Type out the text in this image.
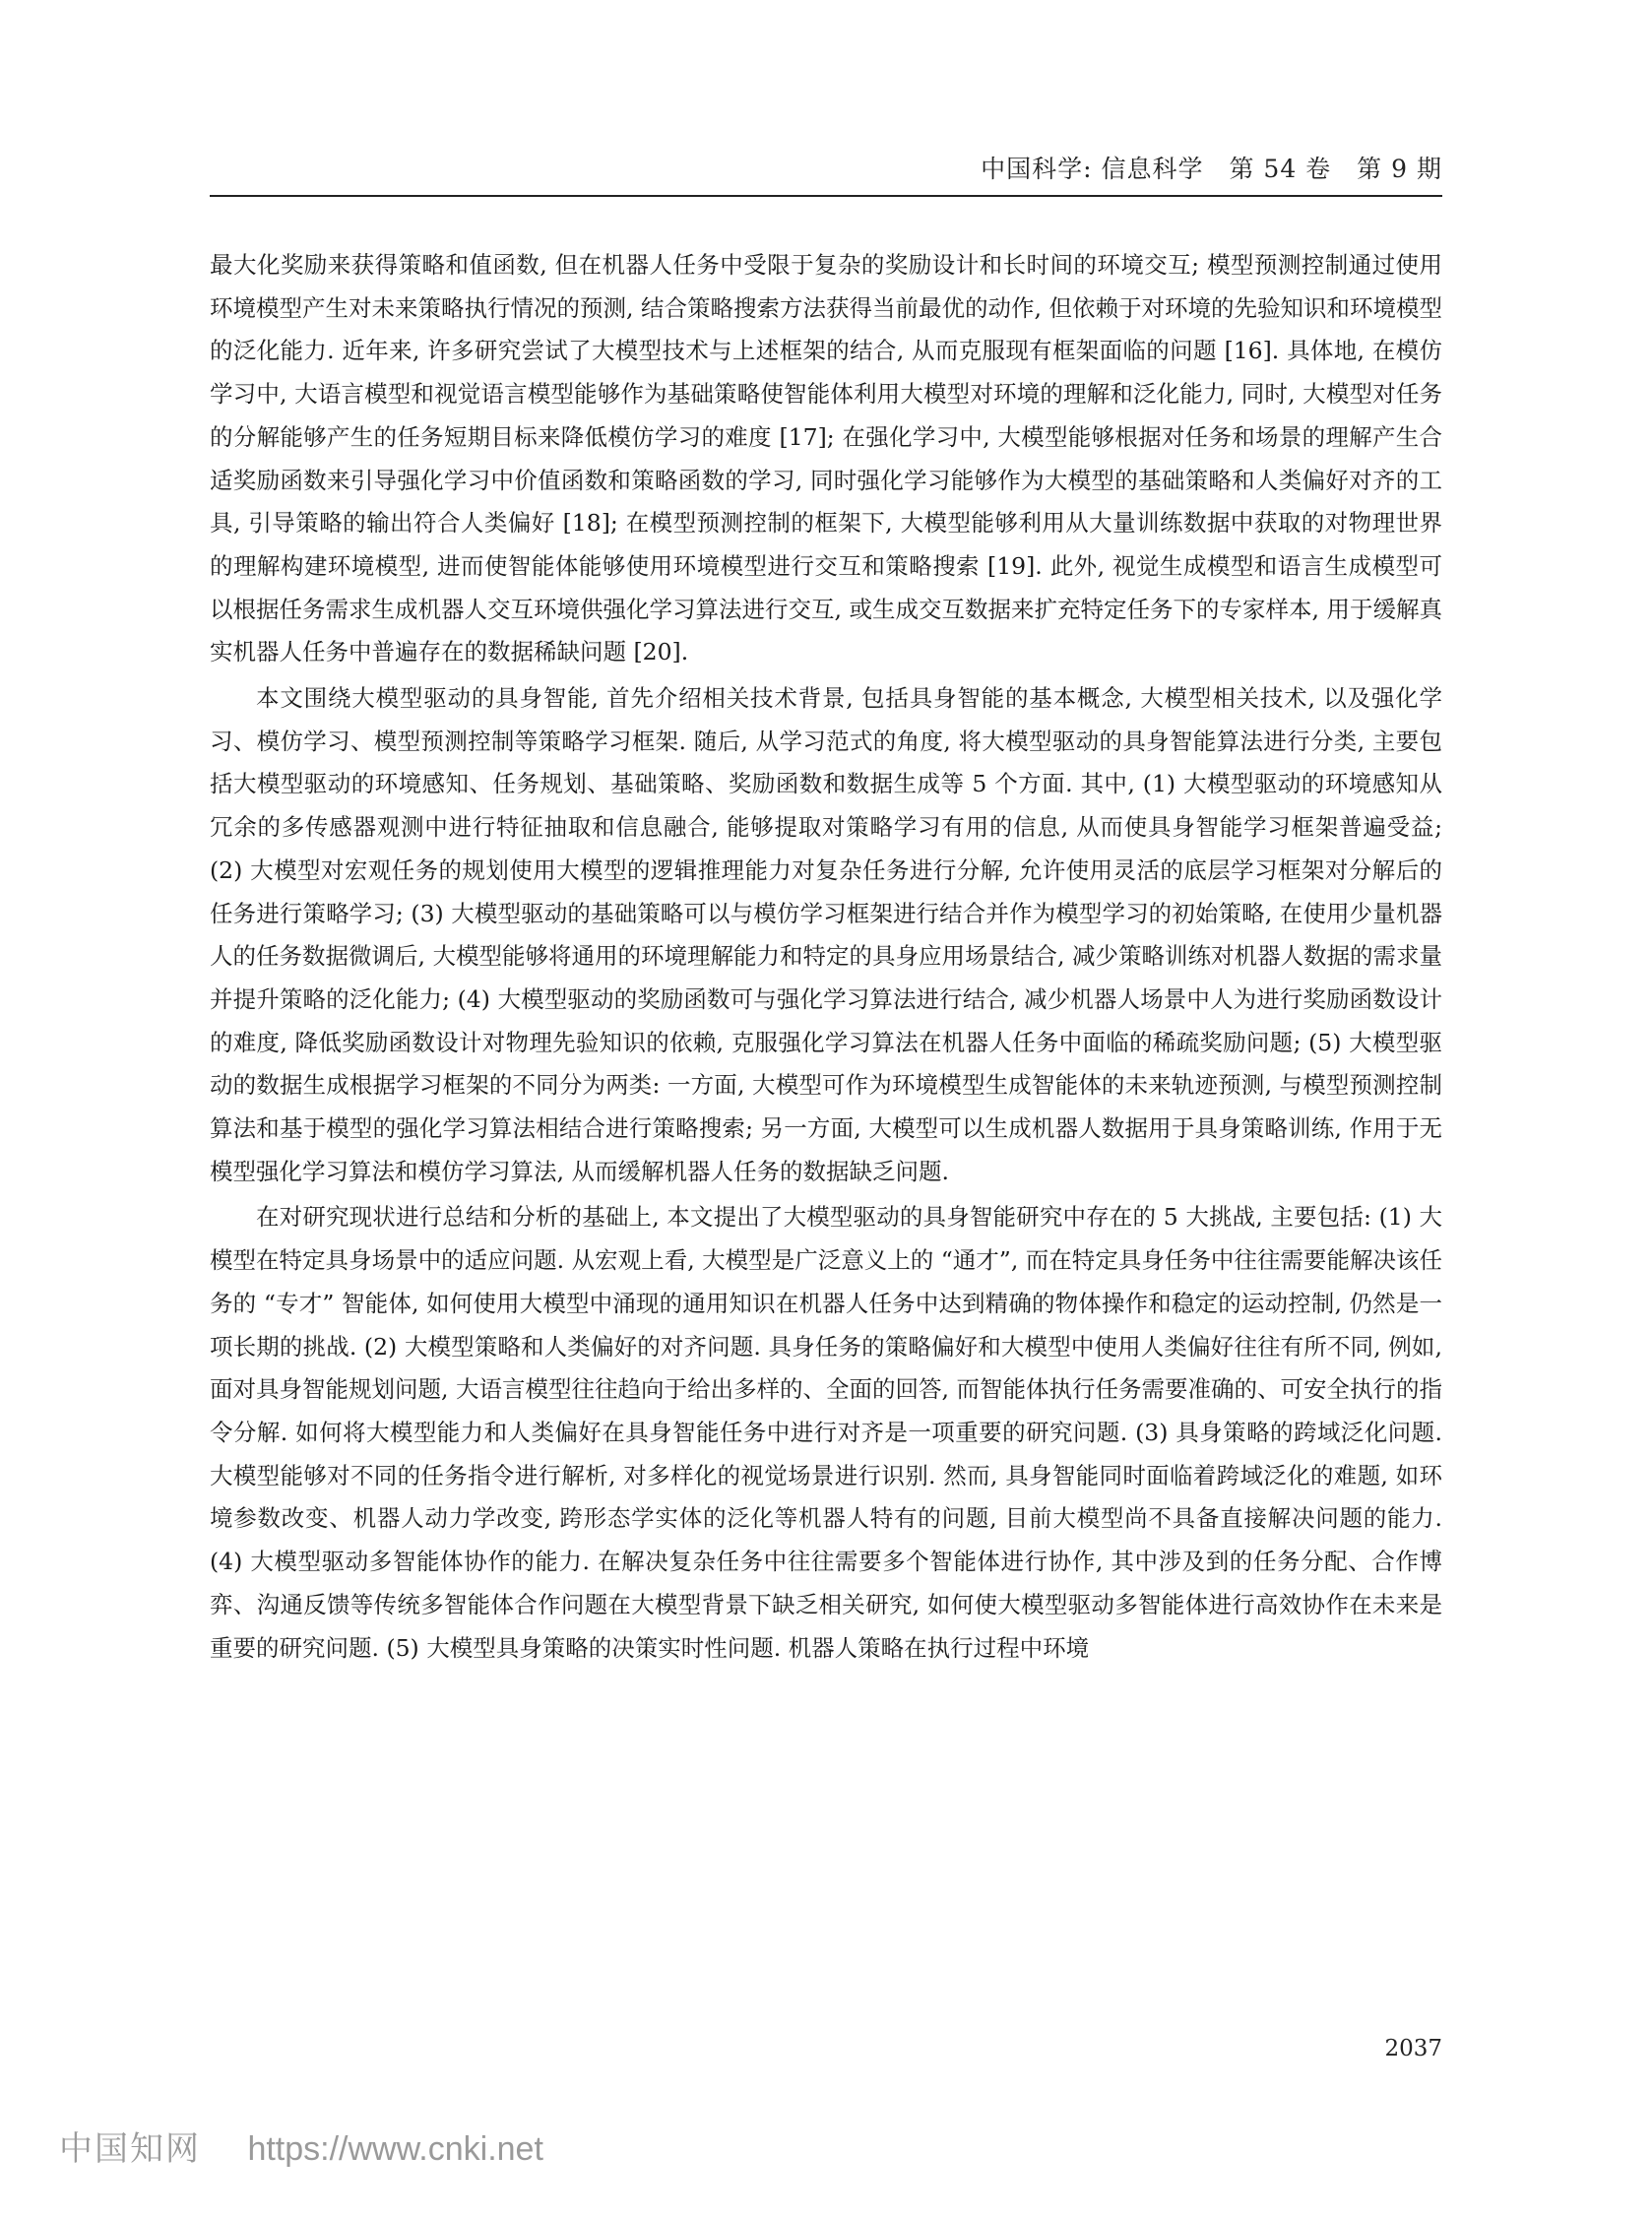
中国科学: 信息科学　第 54 卷　第 9 期

最大化奖励来获得策略和值函数, 但在机器人任务中受限于复杂的奖励设计和长时间的环境交互; 模型预测控制通过使用环境模型产生对未来策略执行情况的预测, 结合策略搜索方法获得当前最优的动作, 但依赖于对环境的先验知识和环境模型的泛化能力. 近年来, 许多研究尝试了大模型技术与上述框架的结合, 从而克服现有框架面临的问题 [16]. 具体地, 在模仿学习中, 大语言模型和视觉语言模型能够作为基础策略使智能体利用大模型对环境的理解和泛化能力, 同时, 大模型对任务的分解能够产生的任务短期目标来降低模仿学习的难度 [17]; 在强化学习中, 大模型能够根据对任务和场景的理解产生合适奖励函数来引导强化学习中价值函数和策略函数的学习, 同时强化学习能够作为大模型的基础策略和人类偏好对齐的工具, 引导策略的输出符合人类偏好 [18]; 在模型预测控制的框架下, 大模型能够利用从大量训练数据中获取的对物理世界的理解构建环境模型, 进而使智能体能够使用环境模型进行交互和策略搜索 [19]. 此外, 视觉生成模型和语言生成模型可以根据任务需求生成机器人交互环境供强化学习算法进行交互, 或生成交互数据来扩充特定任务下的专家样本, 用于缓解真实机器人任务中普遍存在的数据稀缺问题 [20].

本文围绕大模型驱动的具身智能, 首先介绍相关技术背景, 包括具身智能的基本概念, 大模型相关技术, 以及强化学习、模仿学习、模型预测控制等策略学习框架. 随后, 从学习范式的角度, 将大模型驱动的具身智能算法进行分类, 主要包括大模型驱动的环境感知、任务规划、基础策略、奖励函数和数据生成等 5 个方面. 其中, (1) 大模型驱动的环境感知从冗余的多传感器观测中进行特征抽取和信息融合, 能够提取对策略学习有用的信息, 从而使具身智能学习框架普遍受益; (2) 大模型对宏观任务的规划使用大模型的逻辑推理能力对复杂任务进行分解, 允许使用灵活的底层学习框架对分解后的任务进行策略学习; (3) 大模型驱动的基础策略可以与模仿学习框架进行结合并作为模型学习的初始策略, 在使用少量机器人的任务数据微调后, 大模型能够将通用的环境理解能力和特定的具身应用场景结合, 减少策略训练对机器人数据的需求量并提升策略的泛化能力; (4) 大模型驱动的奖励函数可与强化学习算法进行结合, 减少机器人场景中人为进行奖励函数设计的难度, 降低奖励函数设计对物理先验知识的依赖, 克服强化学习算法在机器人任务中面临的稀疏奖励问题; (5) 大模型驱动的数据生成根据学习框架的不同分为两类: 一方面, 大模型可作为环境模型生成智能体的未来轨迹预测, 与模型预测控制算法和基于模型的强化学习算法相结合进行策略搜索; 另一方面, 大模型可以生成机器人数据用于具身策略训练, 作用于无模型强化学习算法和模仿学习算法, 从而缓解机器人任务的数据缺乏问题.

在对研究现状进行总结和分析的基础上, 本文提出了大模型驱动的具身智能研究中存在的 5 大挑战, 主要包括: (1) 大模型在特定具身场景中的适应问题. 从宏观上看, 大模型是广泛意义上的 “通才”, 而在特定具身任务中往往需要能解决该任务的 “专才” 智能体, 如何使用大模型中涌现的通用知识在机器人任务中达到精确的物体操作和稳定的运动控制, 仍然是一项长期的挑战. (2) 大模型策略和人类偏好的对齐问题. 具身任务的策略偏好和大模型中使用人类偏好往往有所不同, 例如, 面对具身智能规划问题, 大语言模型往往趋向于给出多样的、全面的回答, 而智能体执行任务需要准确的、可安全执行的指令分解. 如何将大模型能力和人类偏好在具身智能任务中进行对齐是一项重要的研究问题. (3) 具身策略的跨域泛化问题. 大模型能够对不同的任务指令进行解析, 对多样化的视觉场景进行识别. 然而, 具身智能同时面临着跨域泛化的难题, 如环境参数改变、机器人动力学改变, 跨形态学实体的泛化等机器人特有的问题, 目前大模型尚不具备直接解决问题的能力. (4) 大模型驱动多智能体协作的能力. 在解决复杂任务中往往需要多个智能体进行协作, 其中涉及到的任务分配、合作博弈、沟通反馈等传统多智能体合作问题在大模型背景下缺乏相关研究, 如何使大模型驱动多智能体进行高效协作在未来是重要的研究问题. (5) 大模型具身策略的决策实时性问题. 机器人策略在执行过程中环境

2037
中国知网 https://www.cnki.net
